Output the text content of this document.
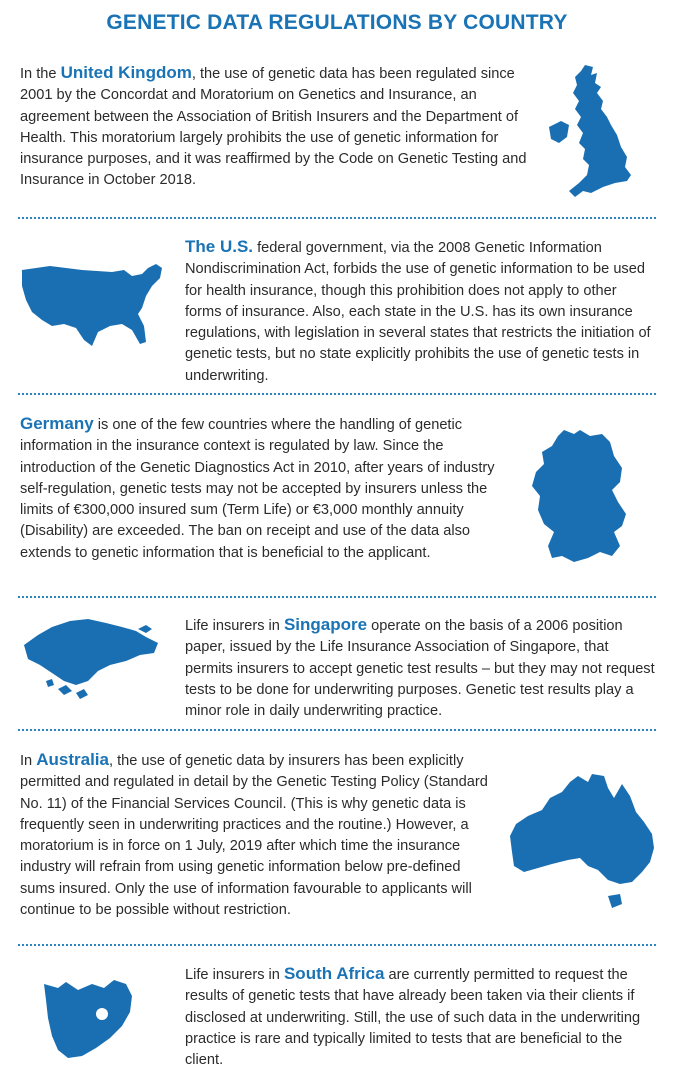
GENETIC DATA REGULATIONS BY COUNTRY
In the United Kingdom, the use of genetic data has been regulated since 2001 by the Concordat and Moratorium on Genetics and Insurance, an agreement between the Association of British Insurers and the Department of Health. This moratorium largely prohibits the use of genetic information for insurance purposes, and it was reaffirmed by the Code on Genetic Testing and Insurance in October 2018.
The U.S. federal government, via the 2008 Genetic Information Nondiscrimination Act, forbids the use of genetic information to be used for health insurance, though this prohibition does not apply to other forms of insurance. Also, each state in the U.S. has its own insurance regulations, with legislation in several states that restricts the initiation of genetic tests, but no state explicitly prohibits the use of genetic tests in underwriting.
Germany is one of the few countries where the handling of genetic information in the insurance context is regulated by law. Since the introduction of the Genetic Diagnostics Act in 2010, after years of industry self-regulation, genetic tests may not be accepted by insurers unless the limits of €300,000 insured sum (Term Life) or €3,000 monthly annuity (Disability) are exceeded. The ban on receipt and use of the data also extends to genetic information that is beneficial to the applicant.
Life insurers in Singapore operate on the basis of a 2006 position paper, issued by the Life Insurance Association of Singapore, that permits insurers to accept genetic test results – but they may not request tests to be done for underwriting purposes. Genetic test results play a minor role in daily underwriting practice.
In Australia, the use of genetic data by insurers has been explicitly permitted and regulated in detail by the Genetic Testing Policy (Standard No. 11) of the Financial Services Council. (This is why genetic data is frequently seen in underwriting practices and the routine.) However, a moratorium is in force on 1 July, 2019 after which time the insurance industry will refrain from using genetic information below pre-defined sums insured. Only the use of information favourable to applicants will continue to be possible without restriction.
Life insurers in South Africa are currently permitted to request the results of genetic tests that have already been taken via their clients if disclosed at underwriting. Still, the use of such data in the underwriting practice is rare and typically limited to tests that are beneficial to the client.
